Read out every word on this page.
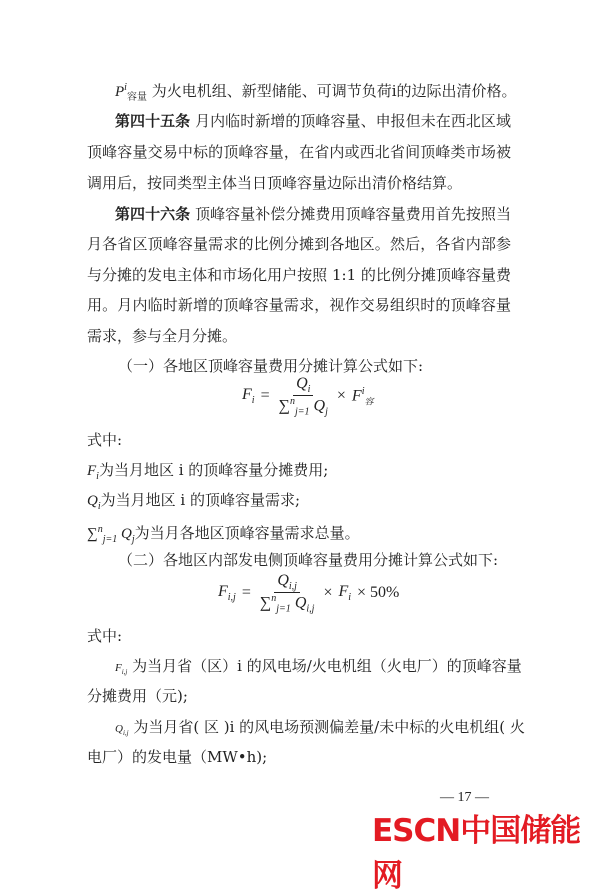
$P^i_{容量}$ 为火电机组、新型储能、可调节负荷i的边际出清价格。
第四十五条 月内临时新增的顶峰容量、申报但未在西北区域
顶峰容量交易中标的顶峰容量，在省内或西北省间顶峰类市场被
调用后，按同类型主体当日顶峰容量边际出清价格结算。
第四十六条 顶峰容量补偿分摊费用顶峰容量费用首先按照当
月各省区顶峰容量需求的比例分摊到各地区。然后，各省内部参
与分摊的发电主体和市场化用户按照 1:1 的比例分摊顶峰容量费
用。月内临时新增的顶峰容量需求，视作交易组织时的顶峰容量
需求，参与全月分摊。
（一）各地区顶峰容量费用分摊计算公式如下:
$F_i = \frac{Q_i}{\sum^n_{j=1} Q_j} \times F^i_容$
式中:
$F_i$为当月地区 i 的顶峰容量分摊费用;
$Q_i$为当月地区 i 的顶峰容量需求;
∑$^n_{j=1}$ $Q_j$为当月各地区顶峰容量需求总量。
（二）各地区内部发电侧顶峰容量费用分摊计算公式如下:
$F_{i,j} = \frac{Q_{i,j}}{\sum^n_{j=1} Q_{i,j}} \times F_i \times 50\%$
式中:
$F_{i,j}$ 为当月省（区）i 的风电场/火电机组（火电厂）的顶峰容量
分摊费用（元);
$Q_{i,j}$ 为当月省( 区 )i 的风电场预测偏差量/未中标的火电机组( 火
电厂）的发电量（MW•h);
— 17 —
ESCN中国储能网
